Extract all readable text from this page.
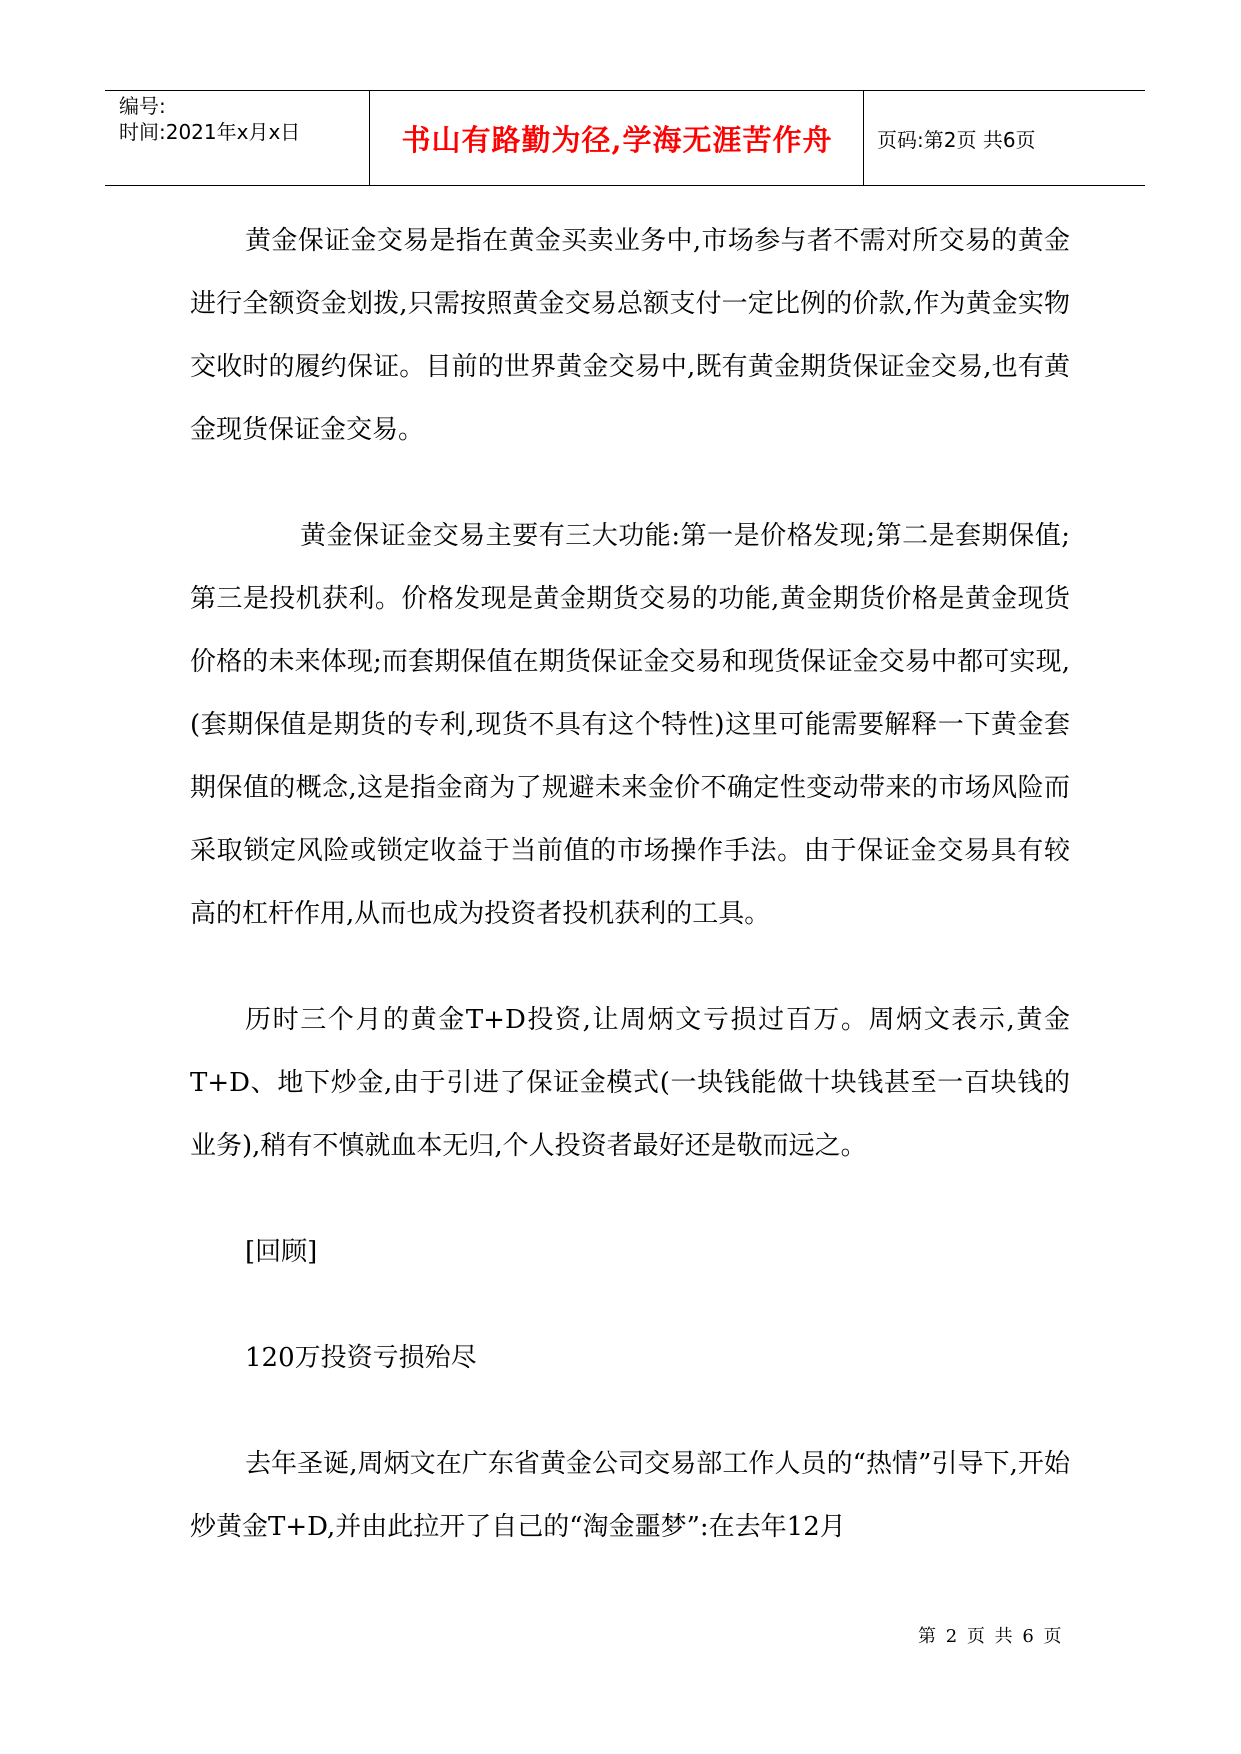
编号:
时间:2021年x月x日	书山有路勤为径,学海无涯苦作舟	页码:第2页 共6页

黄金保证金交易是指在黄金买卖业务中,市场参与者不需对所交易的黄金进行全额资金划拨,只需按照黄金交易总额支付一定比例的价款,作为黄金实物交收时的履约保证。目前的世界黄金交易中,既有黄金期货保证金交易,也有黄金现货保证金交易。

黄金保证金交易主要有三大功能:第一是价格发现;第二是套期保值;第三是投机获利。价格发现是黄金期货交易的功能,黄金期货价格是黄金现货价格的未来体现;而套期保值在期货保证金交易和现货保证金交易中都可实现,(套期保值是期货的专利,现货不具有这个特性)这里可能需要解释一下黄金套期保值的概念,这是指金商为了规避未来金价不确定性变动带来的市场风险而采取锁定风险或锁定收益于当前值的市场操作手法。由于保证金交易具有较高的杠杆作用,从而也成为投资者投机获利的工具。

历时三个月的黄金T+D投资,让周炳文亏损过百万。周炳文表示,黄金T+D、地下炒金,由于引进了保证金模式(一块钱能做十块钱甚至一百块钱的业务),稍有不慎就血本无归,个人投资者最好还是敬而远之。

[回顾]

120万投资亏损殆尽

去年圣诞,周炳文在广东省黄金公司交易部工作人员的“热情”引导下,开始炒黄金T+D,并由此拉开了自己的“淘金噩梦”:在去年12月

第 2 页 共 6 页
